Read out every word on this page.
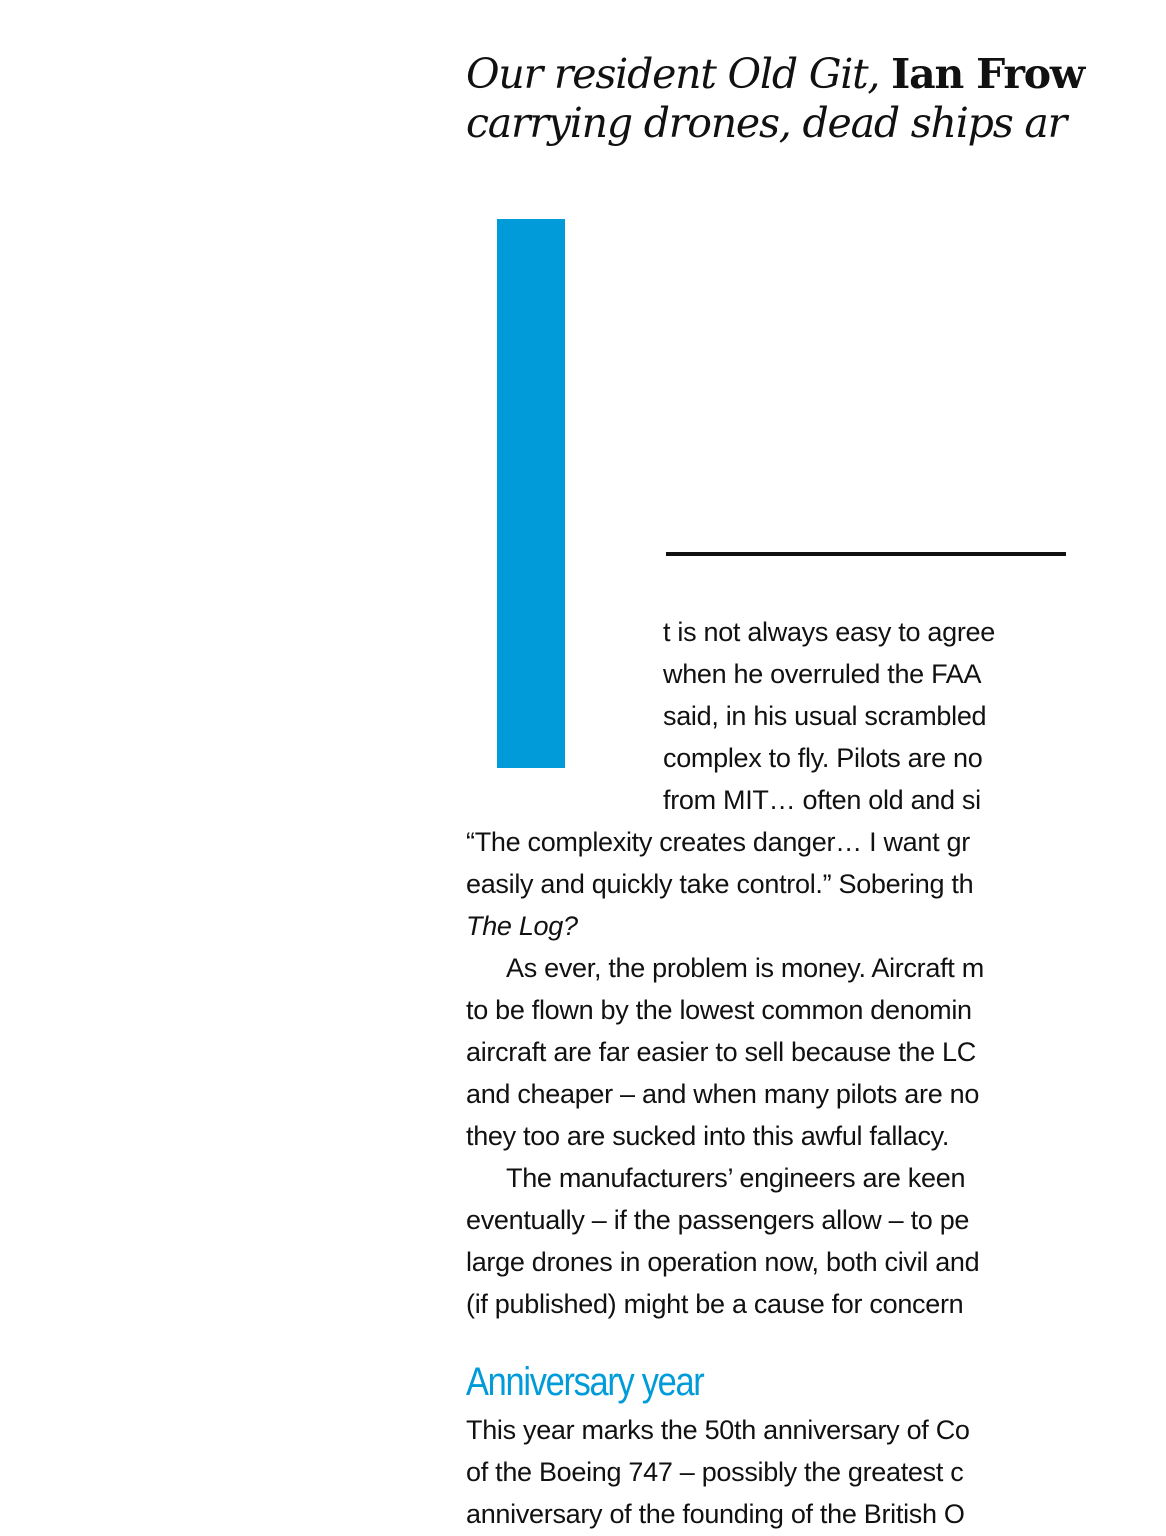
Our resident Old Git, Ian Frow
carrying drones, dead ships ar

t is not always easy to agree
when he overruled the FAA
said, in his usual scrambled
complex to fly. Pilots are no
from MIT… often old and si
“The complexity creates danger… I want gr
easily and quickly take control.” Sobering th
The Log?
As ever, the problem is money. Aircraft m
to be flown by the lowest common denomin
aircraft are far easier to sell because the LC
and cheaper – and when many pilots are no
they too are sucked into this awful fallacy.
The manufacturers’ engineers are keen
eventually – if the passengers allow – to pe
large drones in operation now, both civil and
(if published) might be a cause for concern
Anniversary year
This year marks the 50th anniversary of Co
of the Boeing 747 – possibly the greatest c
anniversary of the founding of the British O
